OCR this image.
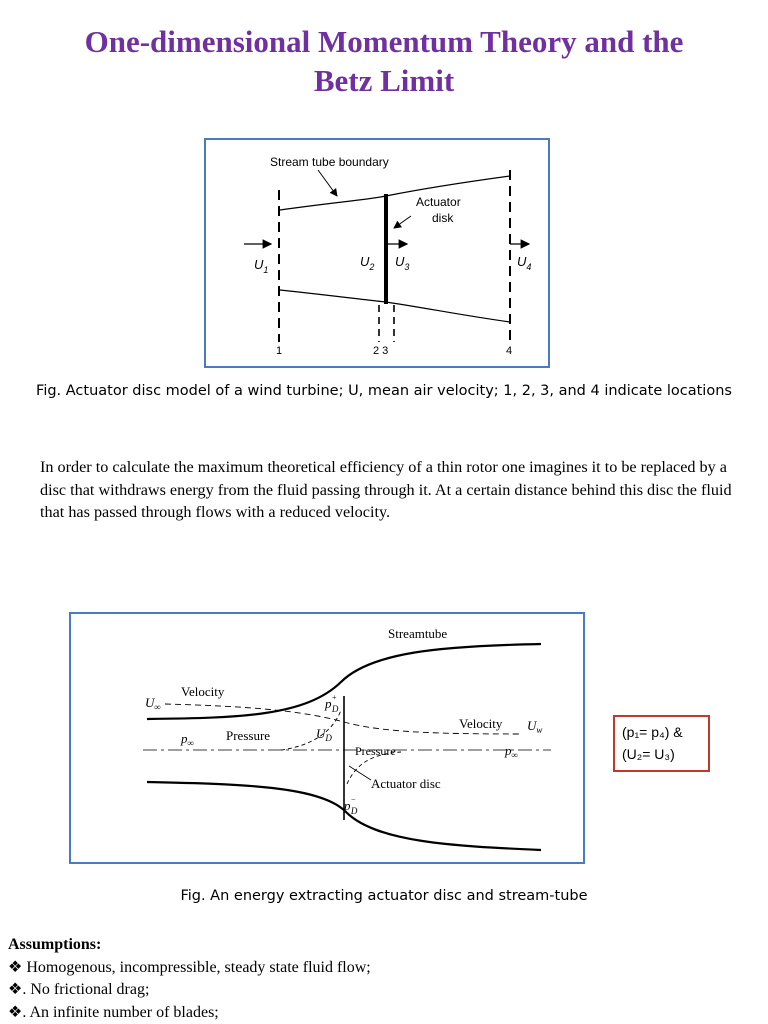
One-dimensional Momentum Theory and the
Betz Limit
Stream tube boundary
Actuator
disk
$U_1$
$U_2$ $U_3$	$U_4$
1	2 3	4
Fig. Actuator disc model of a wind turbine; U, mean air velocity; 1, 2, 3, and 4 indicate locations
In order to calculate the maximum theoretical efficiency of a thin rotor one imagines it to be replaced by a disc that withdraws energy from the fluid passing through it. At a certain distance behind this disc the fluid that has passed through flows with a reduced velocity.
Streamtube
Velocity
$U_\infty$	p+ D
$p_\infty$ Pressure	$U_D$
Velocity $U_w$
Pressure	$p_\infty$
Actuator disc
p− D
(p₁= p₄) &
(U₂= U₃)
Fig. An energy extracting actuator disc and stream-tube
Assumptions:
❖ Homogenous, incompressible, steady state fluid flow;
❖. No frictional drag;
❖. An infinite number of blades;
